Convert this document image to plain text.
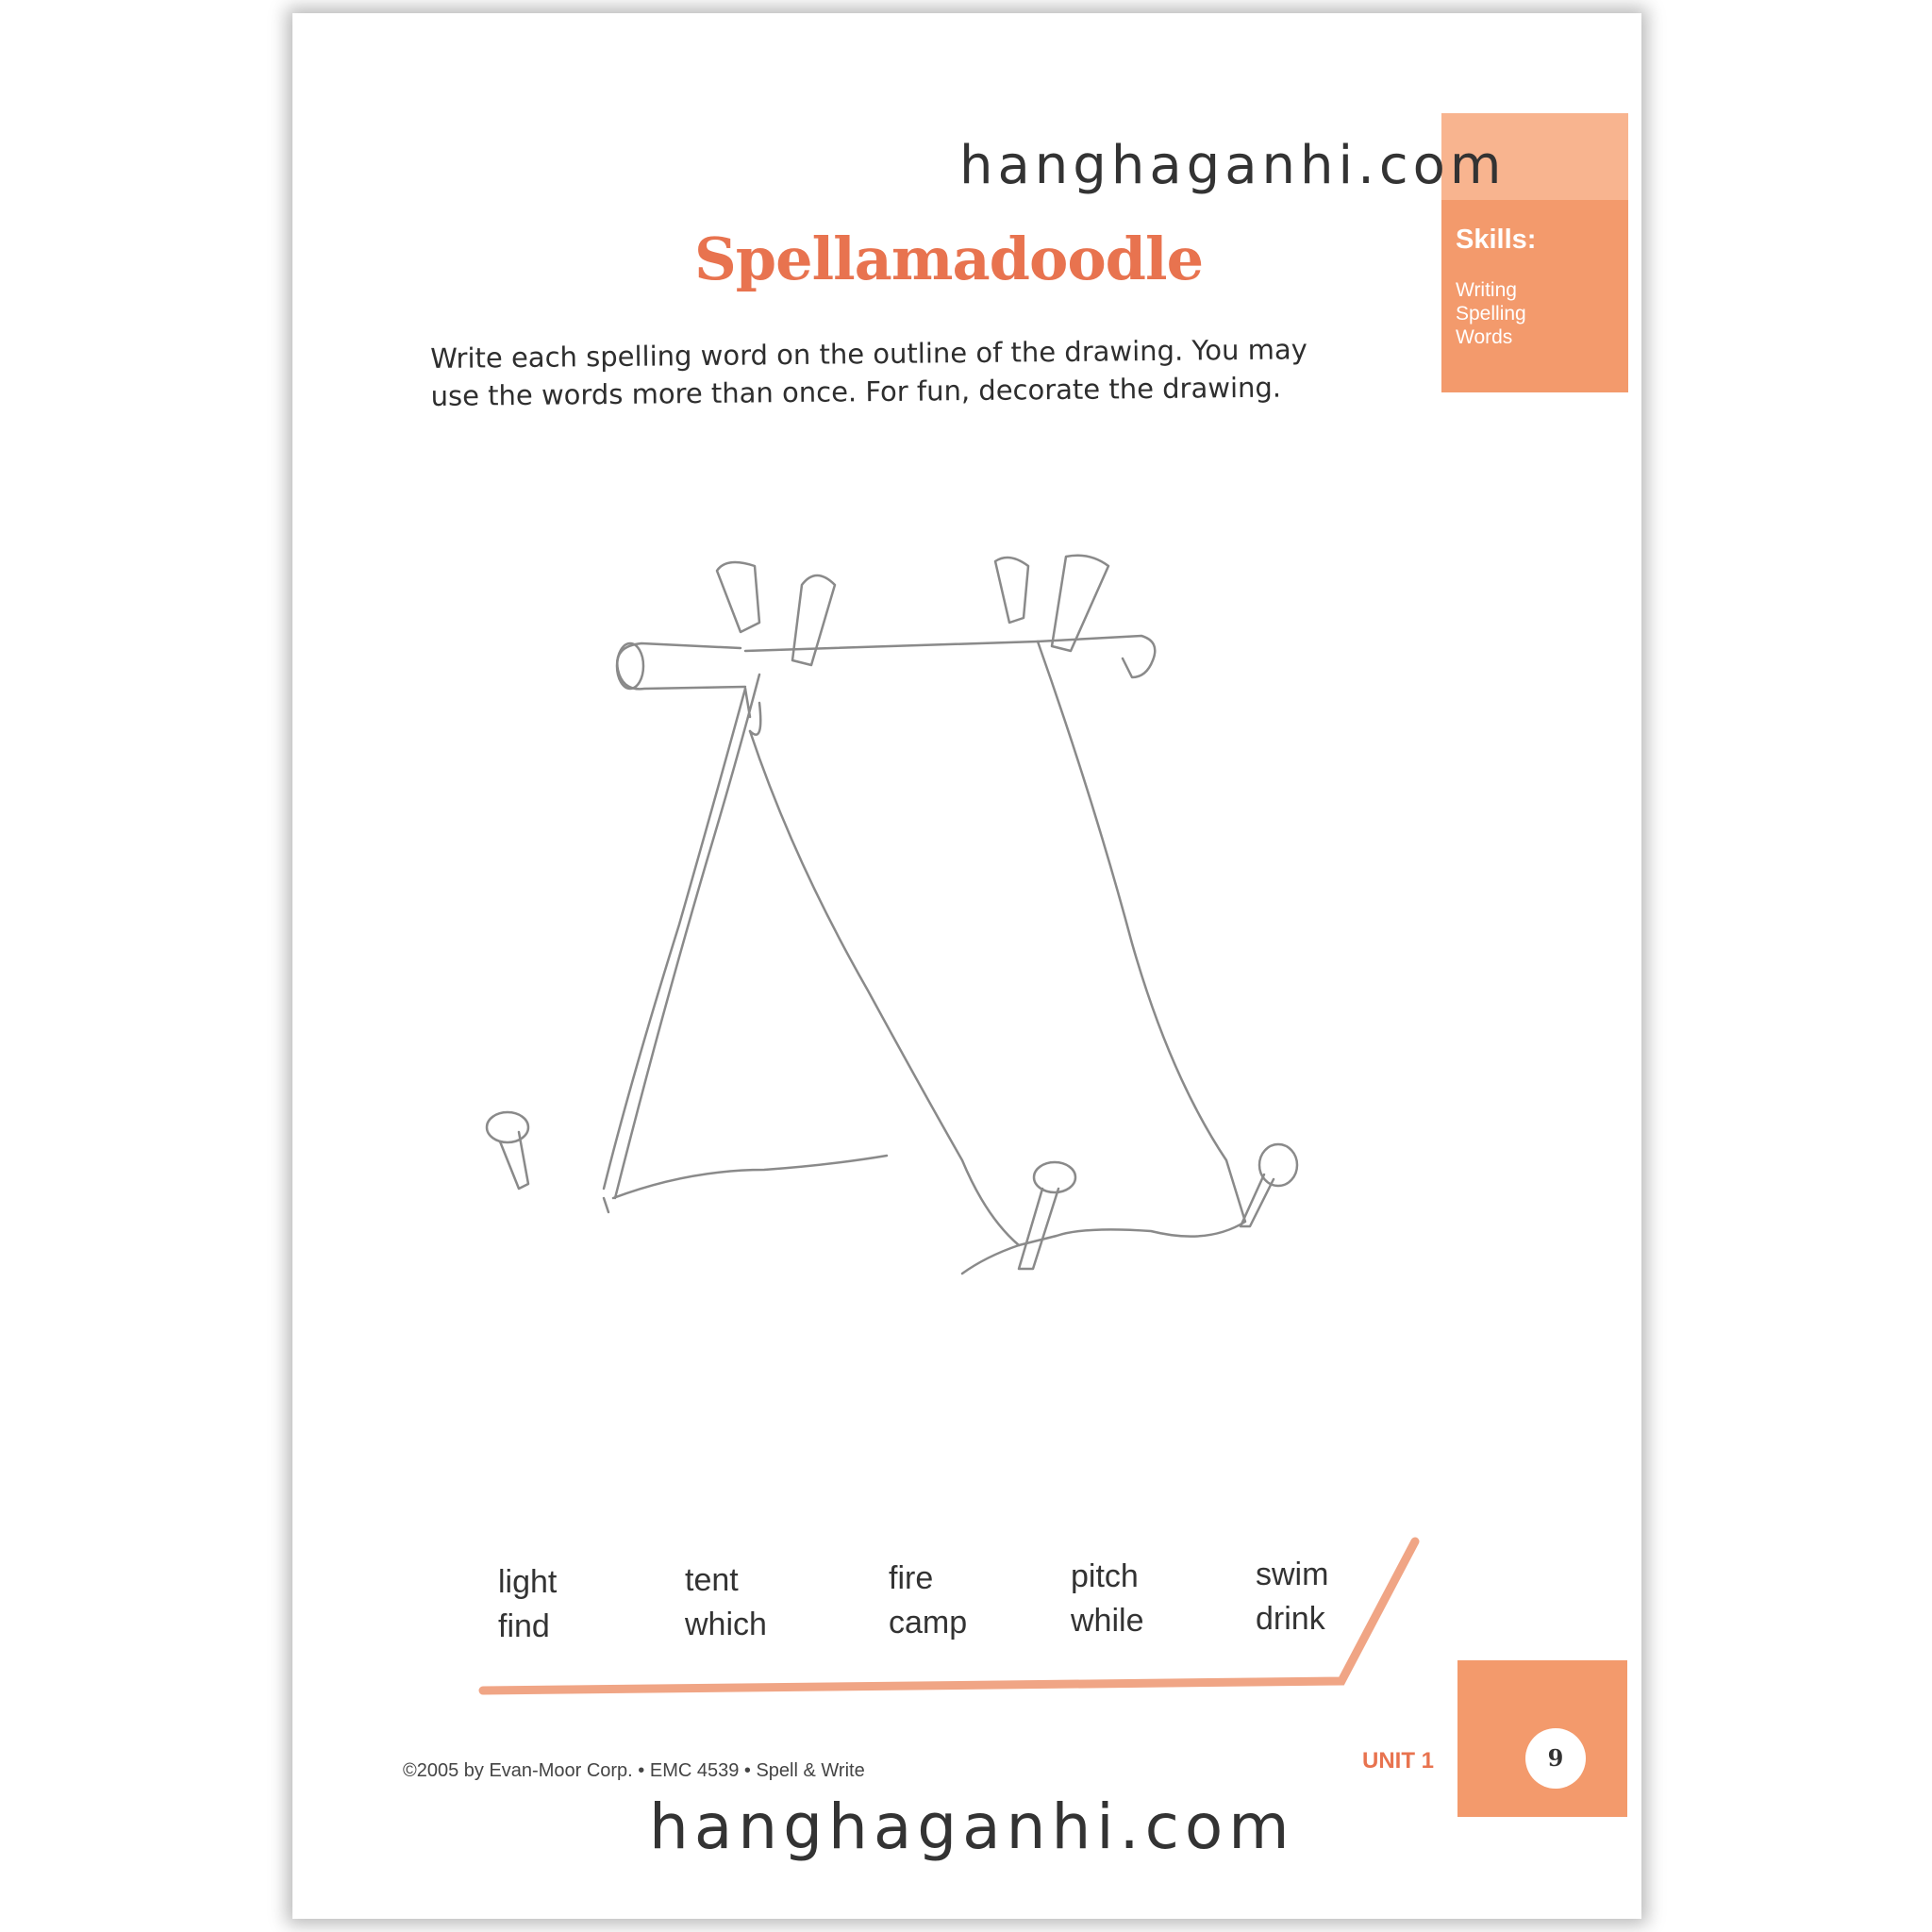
Skills:
Writing
Spelling
Words
hanghaganhi.com
Spellamadoodle
Write each spelling word on the outline of the drawing. You may
use the words more than once. For fun, decorate the drawing.
light
find
tent
which
fire
camp
pitch
while
swim
drink
©2005 by Evan-Moor Corp. • EMC 4539 • Spell & Write	UNIT 1	9
hanghaganhi.com
